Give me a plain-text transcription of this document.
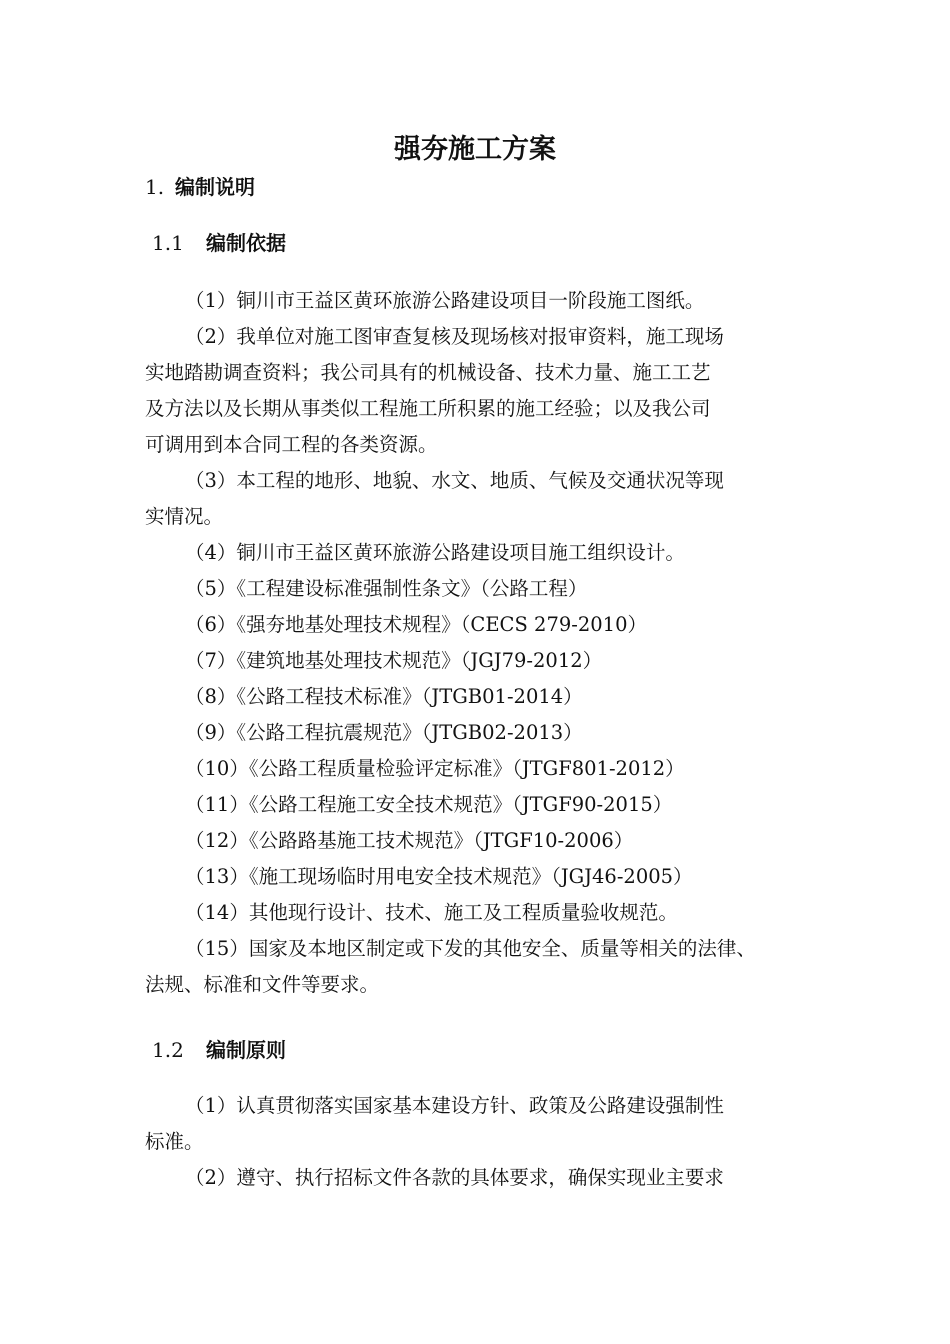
强夯施工方案
1. 编制说明
1.1 编制依据

（1）铜川市王益区黄环旅游公路建设项目一阶段施工图纸。

（2）我单位对施工图审查复核及现场核对报审资料，施工现场
实地踏勘调查资料；我公司具有的机械设备、技术力量、施工工艺
及方法以及长期从事类似工程施工所积累的施工经验；以及我公司
可调用到本合同工程的各类资源。

（3）本工程的地形、地貌、水文、地质、气候及交通状况等现
实情况。

（4）铜川市王益区黄环旅游公路建设项目施工组织设计。

（5）《工程建设标准强制性条文》（公路工程）

（6）《强夯地基处理技术规程》（CECS 279-2010）

（7）《建筑地基处理技术规范》（JGJ79-2012）

（8）《公路工程技术标准》（JTGB01-2014）

（9）《公路工程抗震规范》（JTGB02-2013）

（10）《公路工程质量检验评定标准》（JTGF801-2012）

（11）《公路工程施工安全技术规范》（JTGF90-2015）

（12）《公路路基施工技术规范》（JTGF10-2006）

（13）《施工现场临时用电安全技术规范》（JGJ46-2005）

（14）其他现行设计、技术、施工及工程质量验收规范。

（15）国家及本地区制定或下发的其他安全、质量等相关的法律、
法规、标准和文件等要求。

1.2 编制原则

（1）认真贯彻落实国家基本建设方针、政策及公路建设强制性
标准。

（2）遵守、执行招标文件各款的具体要求，确保实现业主要求
